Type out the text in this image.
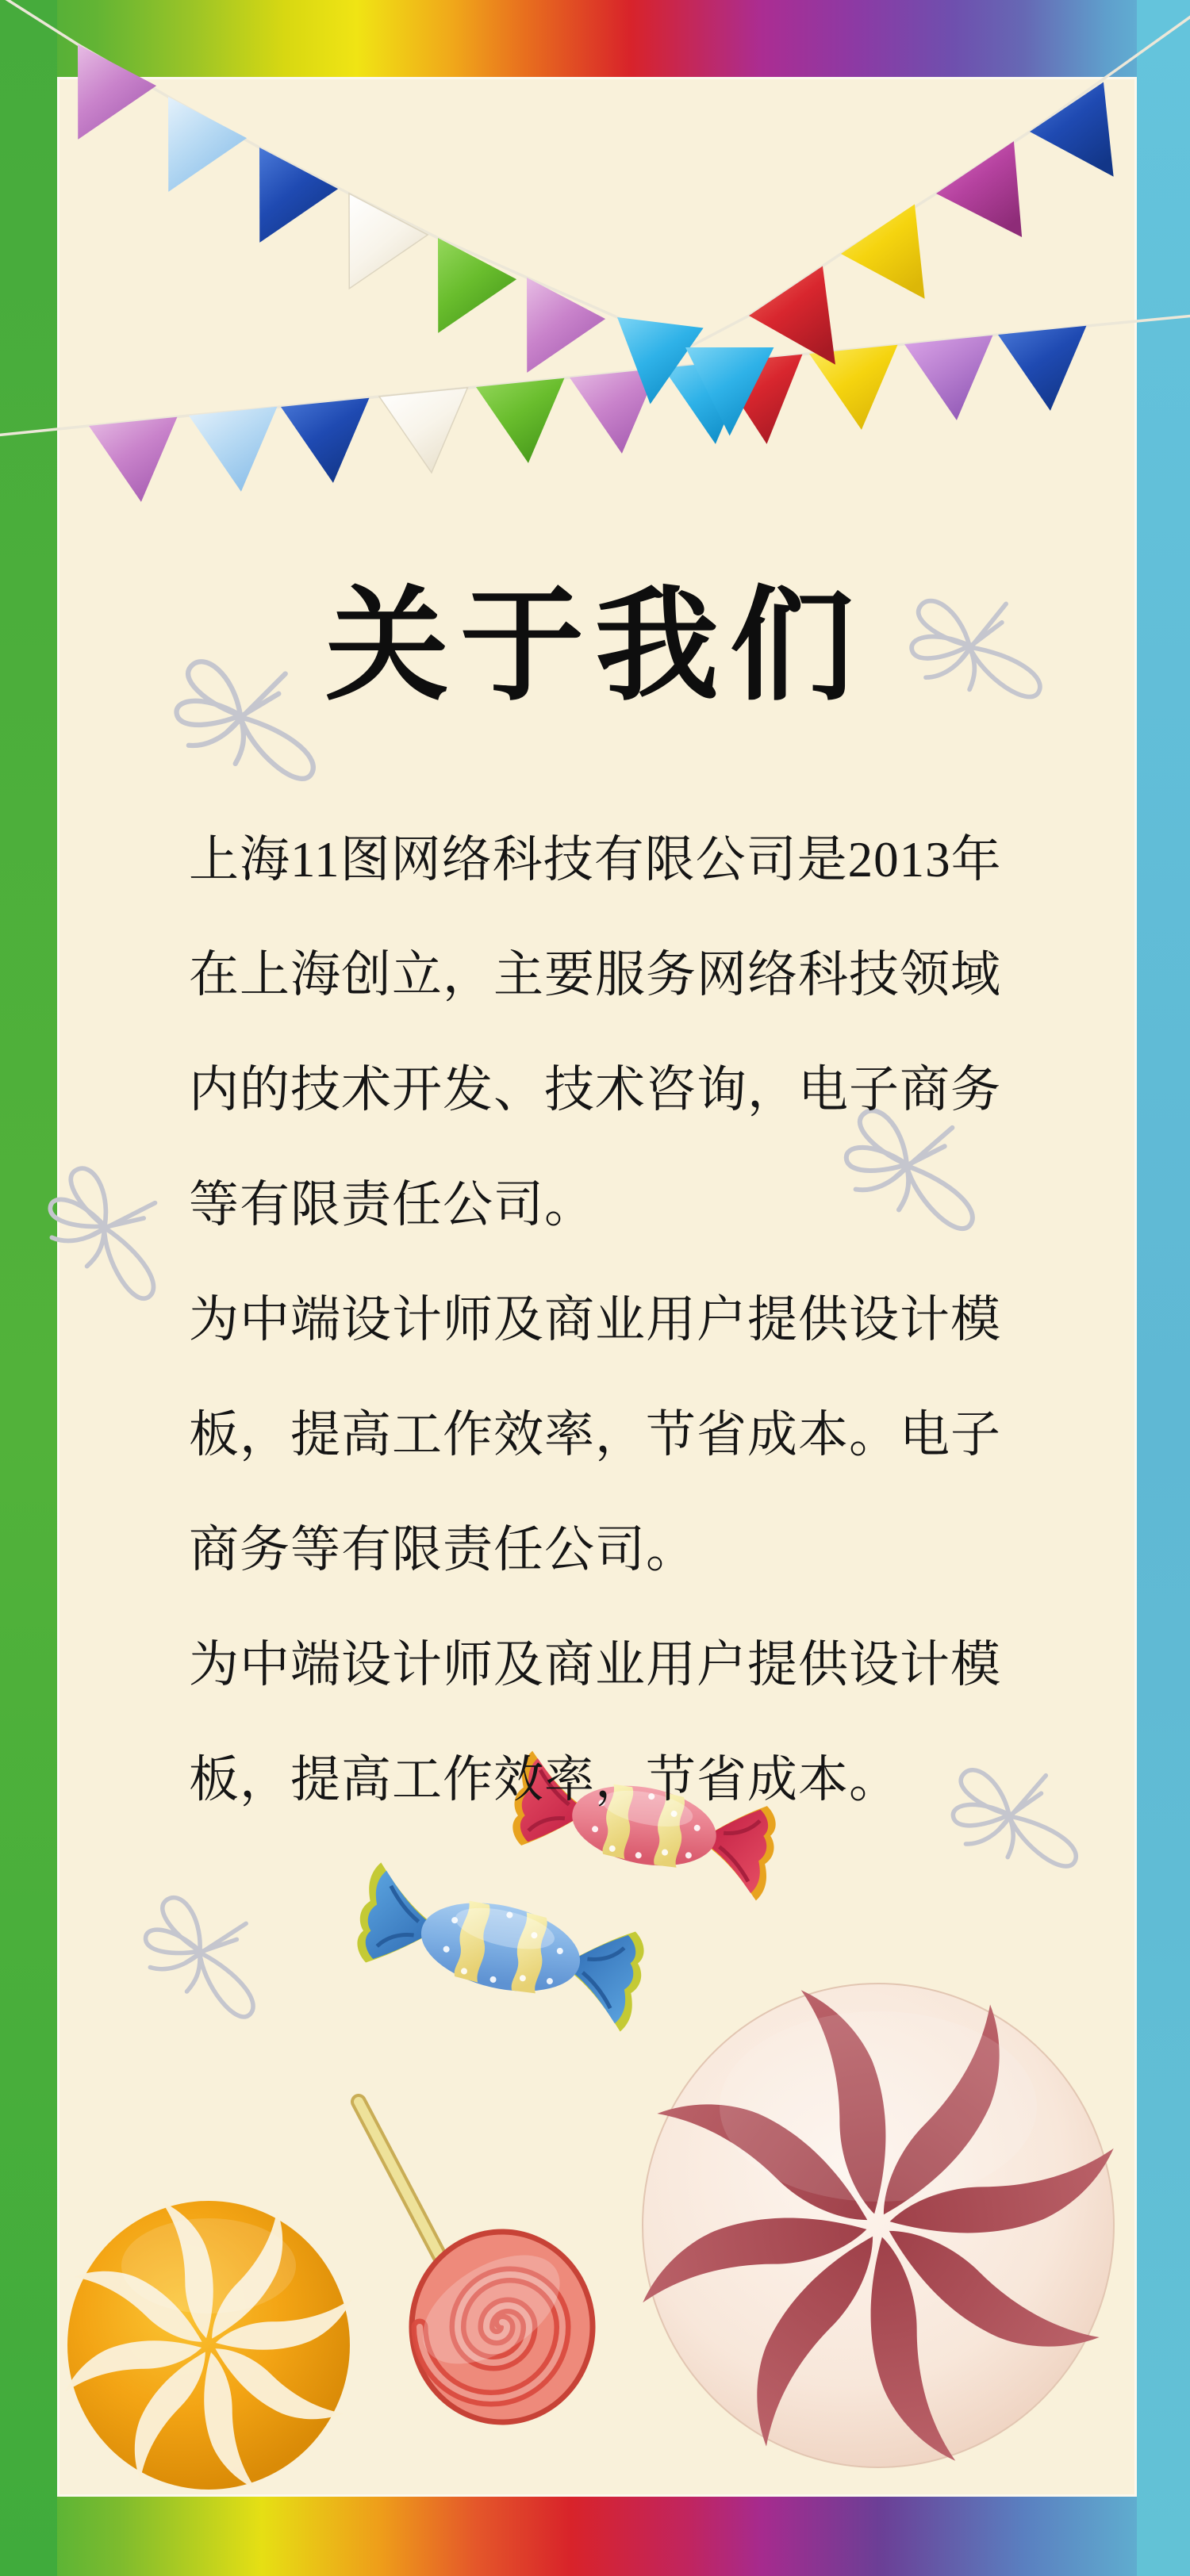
关于我们
上海11图网络科技有限公司是2013年
在上海创立，主要服务网络科技领域
内的技术开发、技术咨询，电子商务
等有限责任公司。
为中端设计师及商业用户提供设计模
板，提高工作效率，节省成本。电子
商务等有限责任公司。
为中端设计师及商业用户提供设计模
板，提高工作效率，节省成本。
